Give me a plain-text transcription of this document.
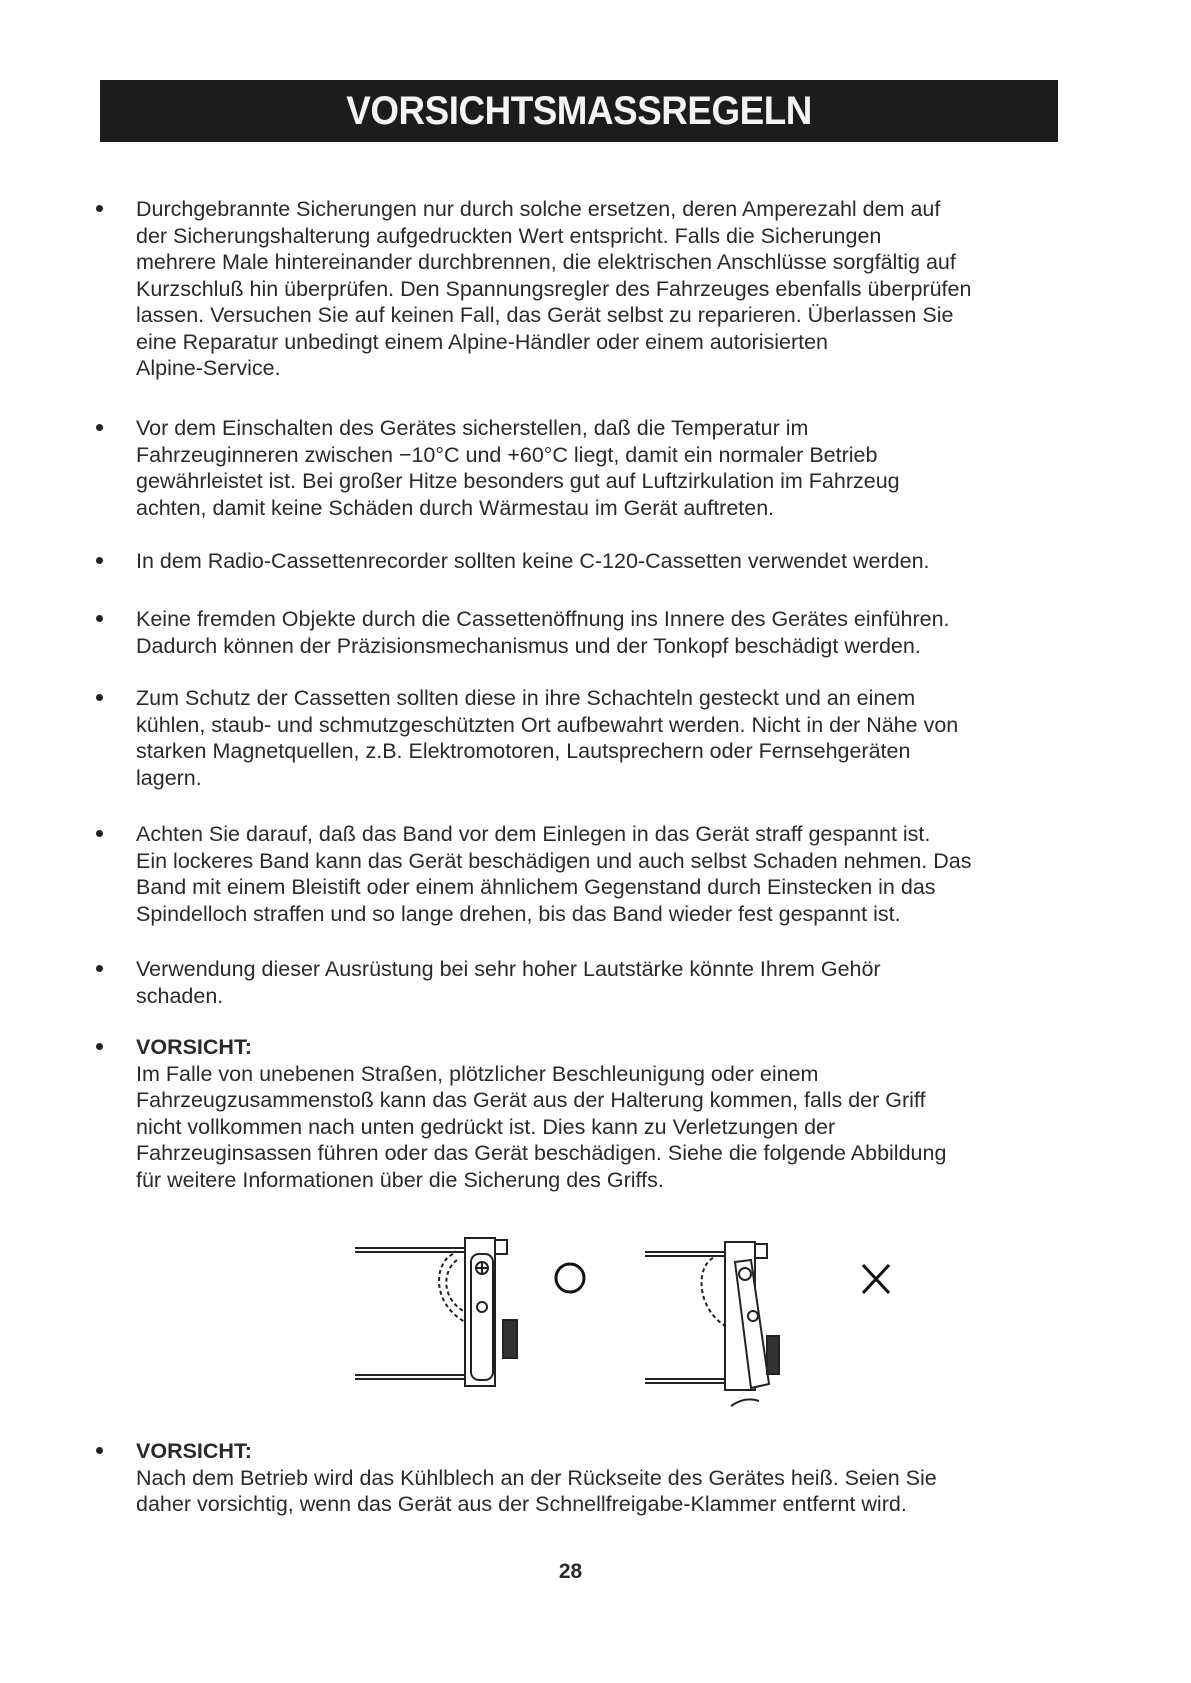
VORSICHTSMASSREGELN
Durchgebrannte Sicherungen nur durch solche ersetzen, deren Amperezahl dem auf
der Sicherungshalterung aufgedruckten Wert entspricht. Falls die Sicherungen
mehrere Male hintereinander durchbrennen, die elektrischen Anschlüsse sorgfältig auf
Kurzschluß hin überprüfen. Den Spannungsregler des Fahrzeuges ebenfalls überprüfen
lassen. Versuchen Sie auf keinen Fall, das Gerät selbst zu reparieren. Überlassen Sie
eine Reparatur unbedingt einem Alpine-Händler oder einem autorisierten
Alpine-Service.
Vor dem Einschalten des Gerätes sicherstellen, daß die Temperatur im
Fahrzeuginneren zwischen −10°C und +60°C liegt, damit ein normaler Betrieb
gewährleistet ist. Bei großer Hitze besonders gut auf Luftzirkulation im Fahrzeug
achten, damit keine Schäden durch Wärmestau im Gerät auftreten.
In dem Radio-Cassettenrecorder sollten keine C-120-Cassetten verwendet werden.
Keine fremden Objekte durch die Cassettenöffnung ins Innere des Gerätes einführen.
Dadurch können der Präzisionsmechanismus und der Tonkopf beschädigt werden.
Zum Schutz der Cassetten sollten diese in ihre Schachteln gesteckt und an einem
kühlen, staub- und schmutzgeschützten Ort aufbewahrt werden. Nicht in der Nähe von
starken Magnetquellen, z.B. Elektromotoren, Lautsprechern oder Fernsehgeräten
lagern.
Achten Sie darauf, daß das Band vor dem Einlegen in das Gerät straff gespannt ist.
Ein lockeres Band kann das Gerät beschädigen und auch selbst Schaden nehmen. Das
Band mit einem Bleistift oder einem ähnlichem Gegenstand durch Einstecken in das
Spindelloch straffen und so lange drehen, bis das Band wieder fest gespannt ist.
Verwendung dieser Ausrüstung bei sehr hoher Lautstärke könnte Ihrem Gehör
schaden.
VORSICHT:
Im Falle von unebenen Straßen, plötzlicher Beschleunigung oder einem
Fahrzeugzusammenstoß kann das Gerät aus der Halterung kommen, falls der Griff
nicht vollkommen nach unten gedrückt ist. Dies kann zu Verletzungen der
Fahrzeuginsassen führen oder das Gerät beschädigen. Siehe die folgende Abbildung
für weitere Informationen über die Sicherung des Griffs.
VORSICHT:
Nach dem Betrieb wird das Kühlblech an der Rückseite des Gerätes heiß. Seien Sie
daher vorsichtig, wenn das Gerät aus der Schnellfreigabe-Klammer entfernt wird.
28
